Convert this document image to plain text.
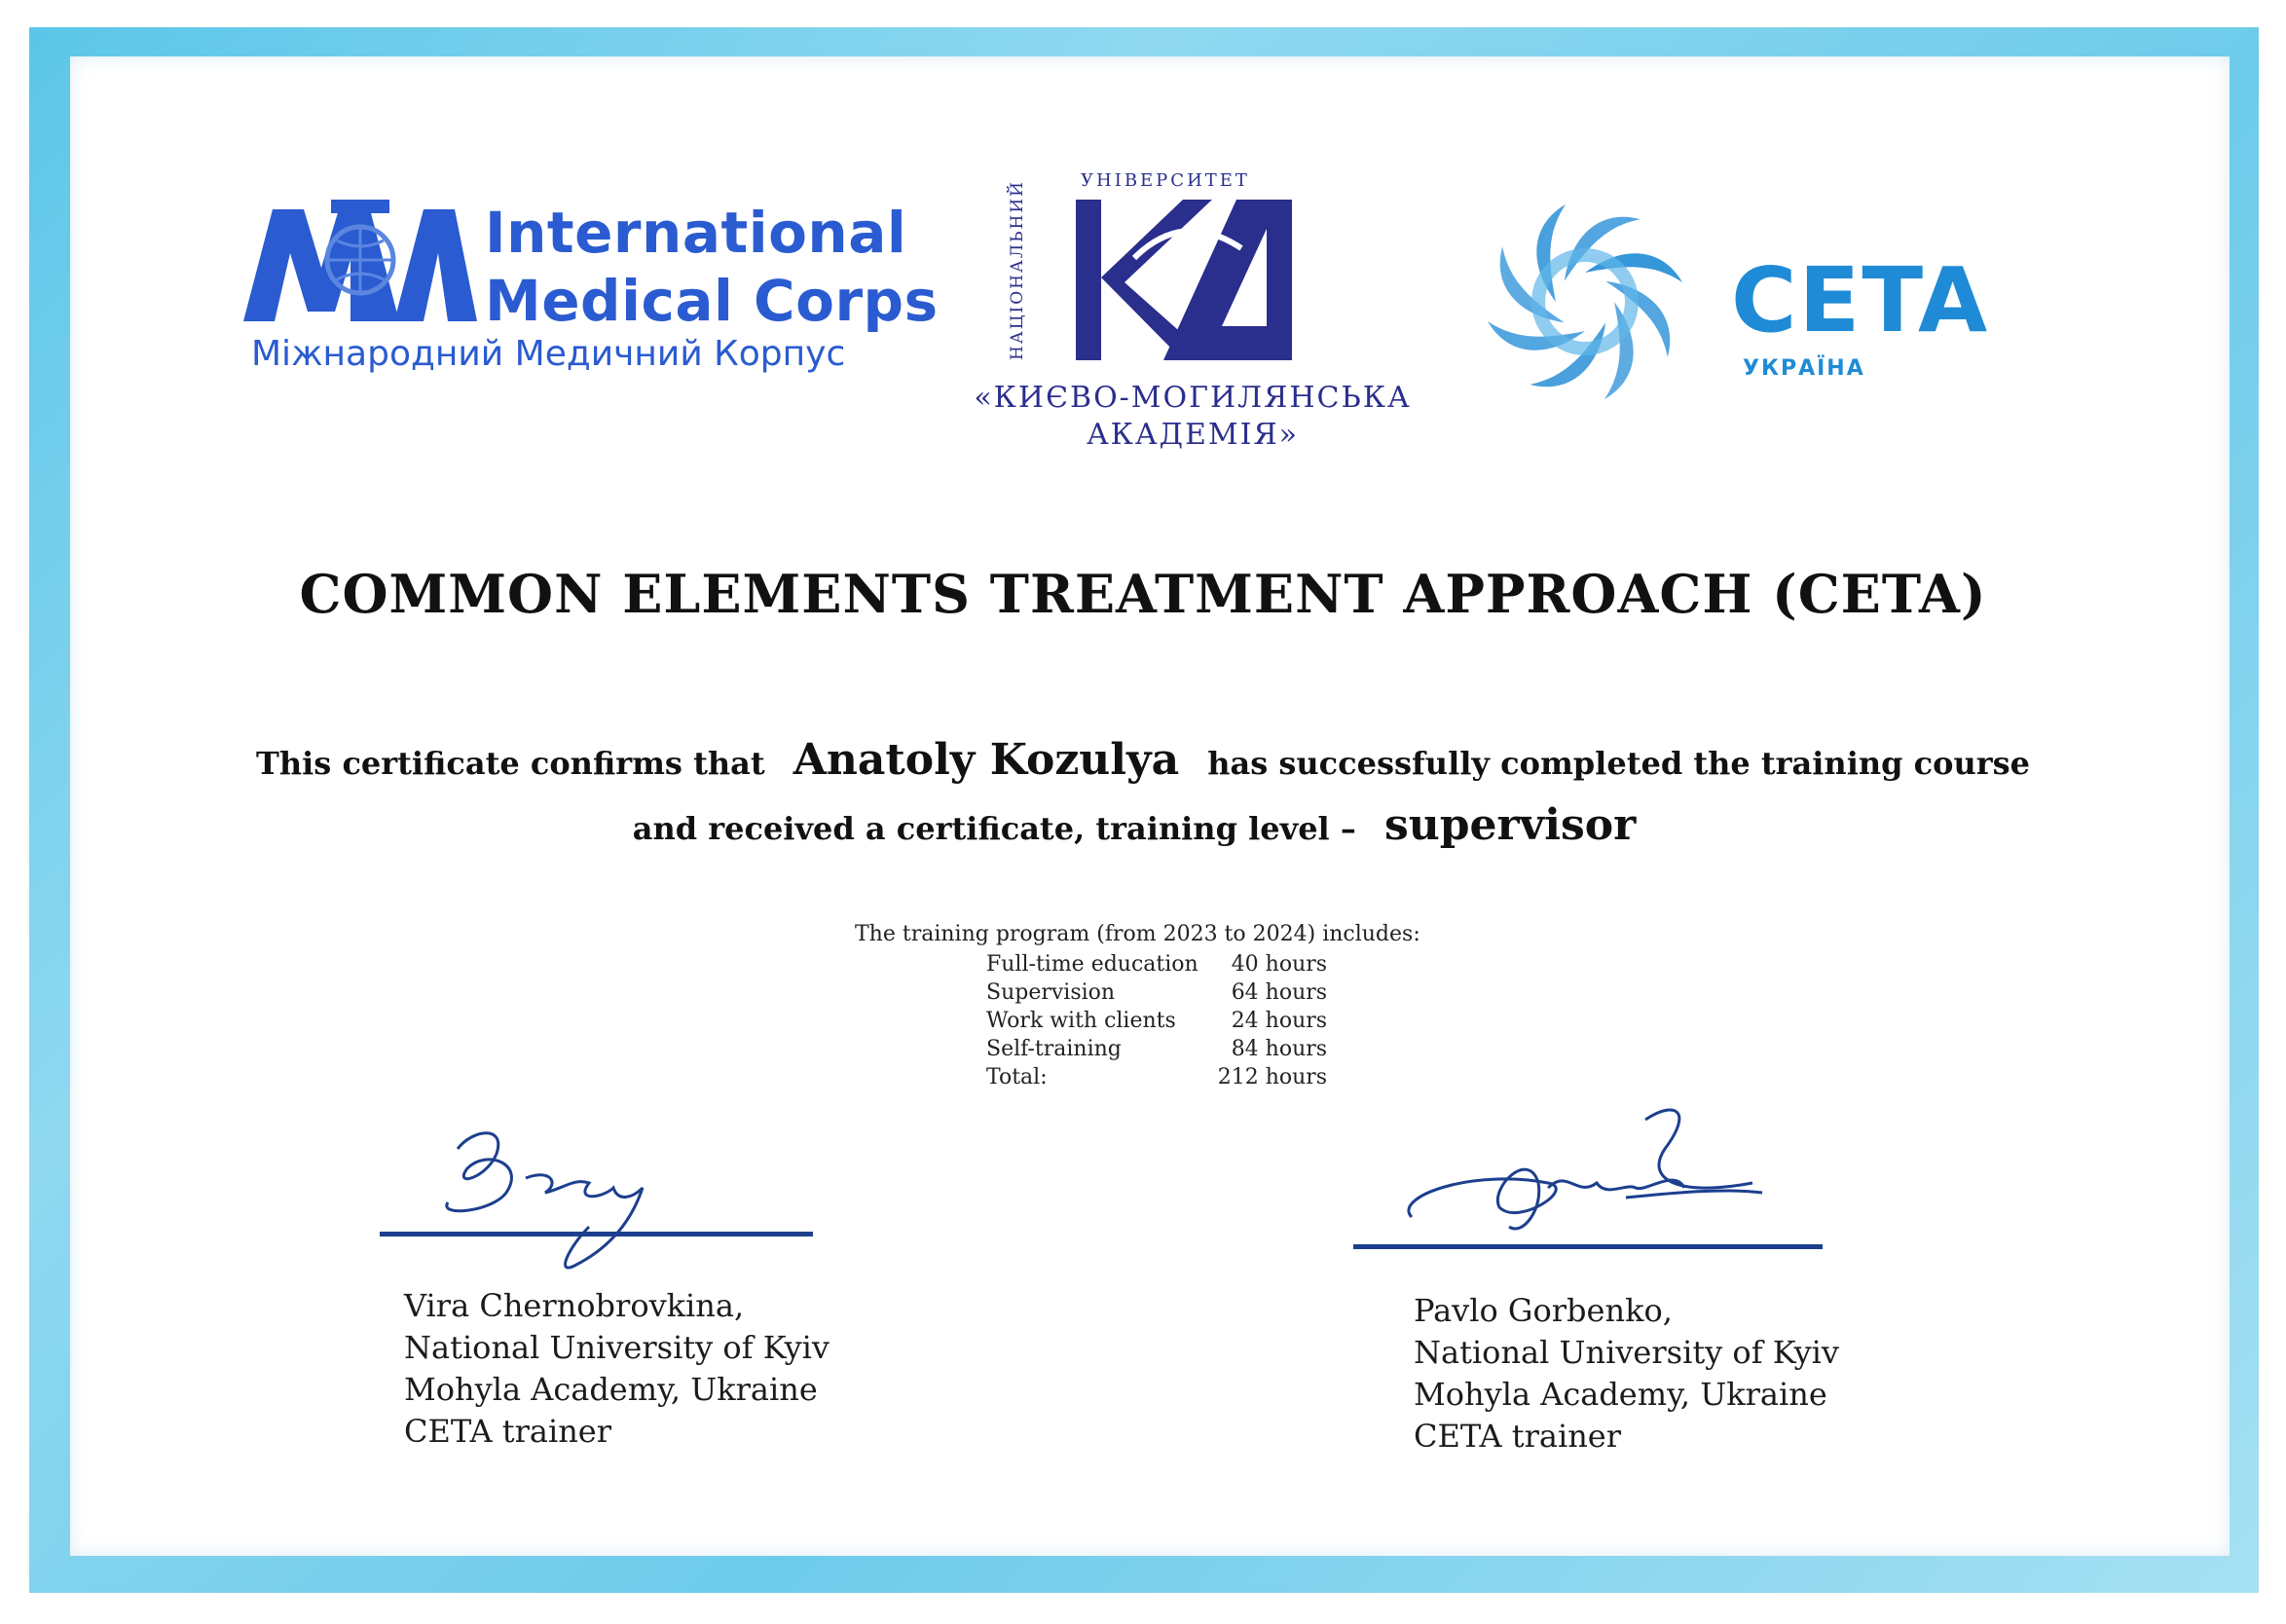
International
Medical Corps
Міжнародний Медичний Корпус
УНІВЕРСИТЕТ
НАЦІОНАЛЬНИЙ
«КИЄВО-МОГИЛЯНСЬКА
АКАДЕМІЯ»
CETA
УКРАЇНА
COMMON ELEMENTS TREATMENT APPROACH (CETA)
This certificate confirms that Anatoly Kozulya has successfully completed the training course
and received a certificate, training level – supervisor
The training program (from 2023 to 2024) includes:
Full-time education	40 hours
Supervision	64 hours
Work with clients	24 hours
Self-training	84 hours
Total:	212 hours
Vira Chernobrovkina,
National University of Kyiv
Mohyla Academy, Ukraine
CETA trainer
Pavlo Gorbenko,
National University of Kyiv
Mohyla Academy, Ukraine
CETA trainer
